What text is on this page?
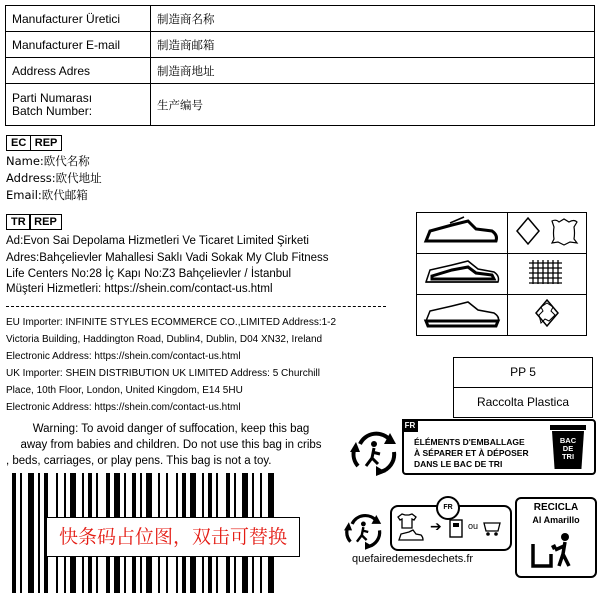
Manufacturer Üretici	制造商名称
Manufacturer E-mail	制造商邮箱
Address Adres	制造商地址
Parti Numarası
Batch Number:	生产编号
EC REP
Name:欧代名称
Address:欧代地址
Email:欧代邮箱
TR REP
Ad:Evon Sai Depolama Hizmetleri Ve Ticaret Limited Şirketi
Adres:Bahçelievler Mahallesi Saklı Vadi Sokak My Club Fitness
Life Centers No:28 İç Kapı No:Z3 Bahçelievler / İstanbul
Müşteri Hizmetleri: https://shein.com/contact-us.html
EU Importer: INFINITE STYLES ECOMMERCE CO.,LIMITED Address:1-2
Victoria Building, Haddington Road, Dublin4, Dublin, D04 XN32, Ireland
Electronic Address: https://shein.com/contact-us.html
UK Importer: SHEIN DISTRIBUTION UK LIMITED Address: 5 Churchill
Place, 10th Floor, London, United Kingdom, E14 5HU
Electronic Address: https://shein.com/contact-us.html
Warning: To avoid danger of suffocation, keep this bag
away from babies and children. Do not use this bag in cribs
, beds, carriages, or play pens. This bag is not a toy.

PP 5
Raccolta Plastica
FR
ÉLÉMENTS D'EMBALLAGE
À SÉPARER ET À DÉPOSER
DANS LE BAC DE TRI
BAC DE TRI
➔
FR
ou
quefairedemesdechets.fr
RECICLA
Al Amarillo
快条码占位图，双击可替换
